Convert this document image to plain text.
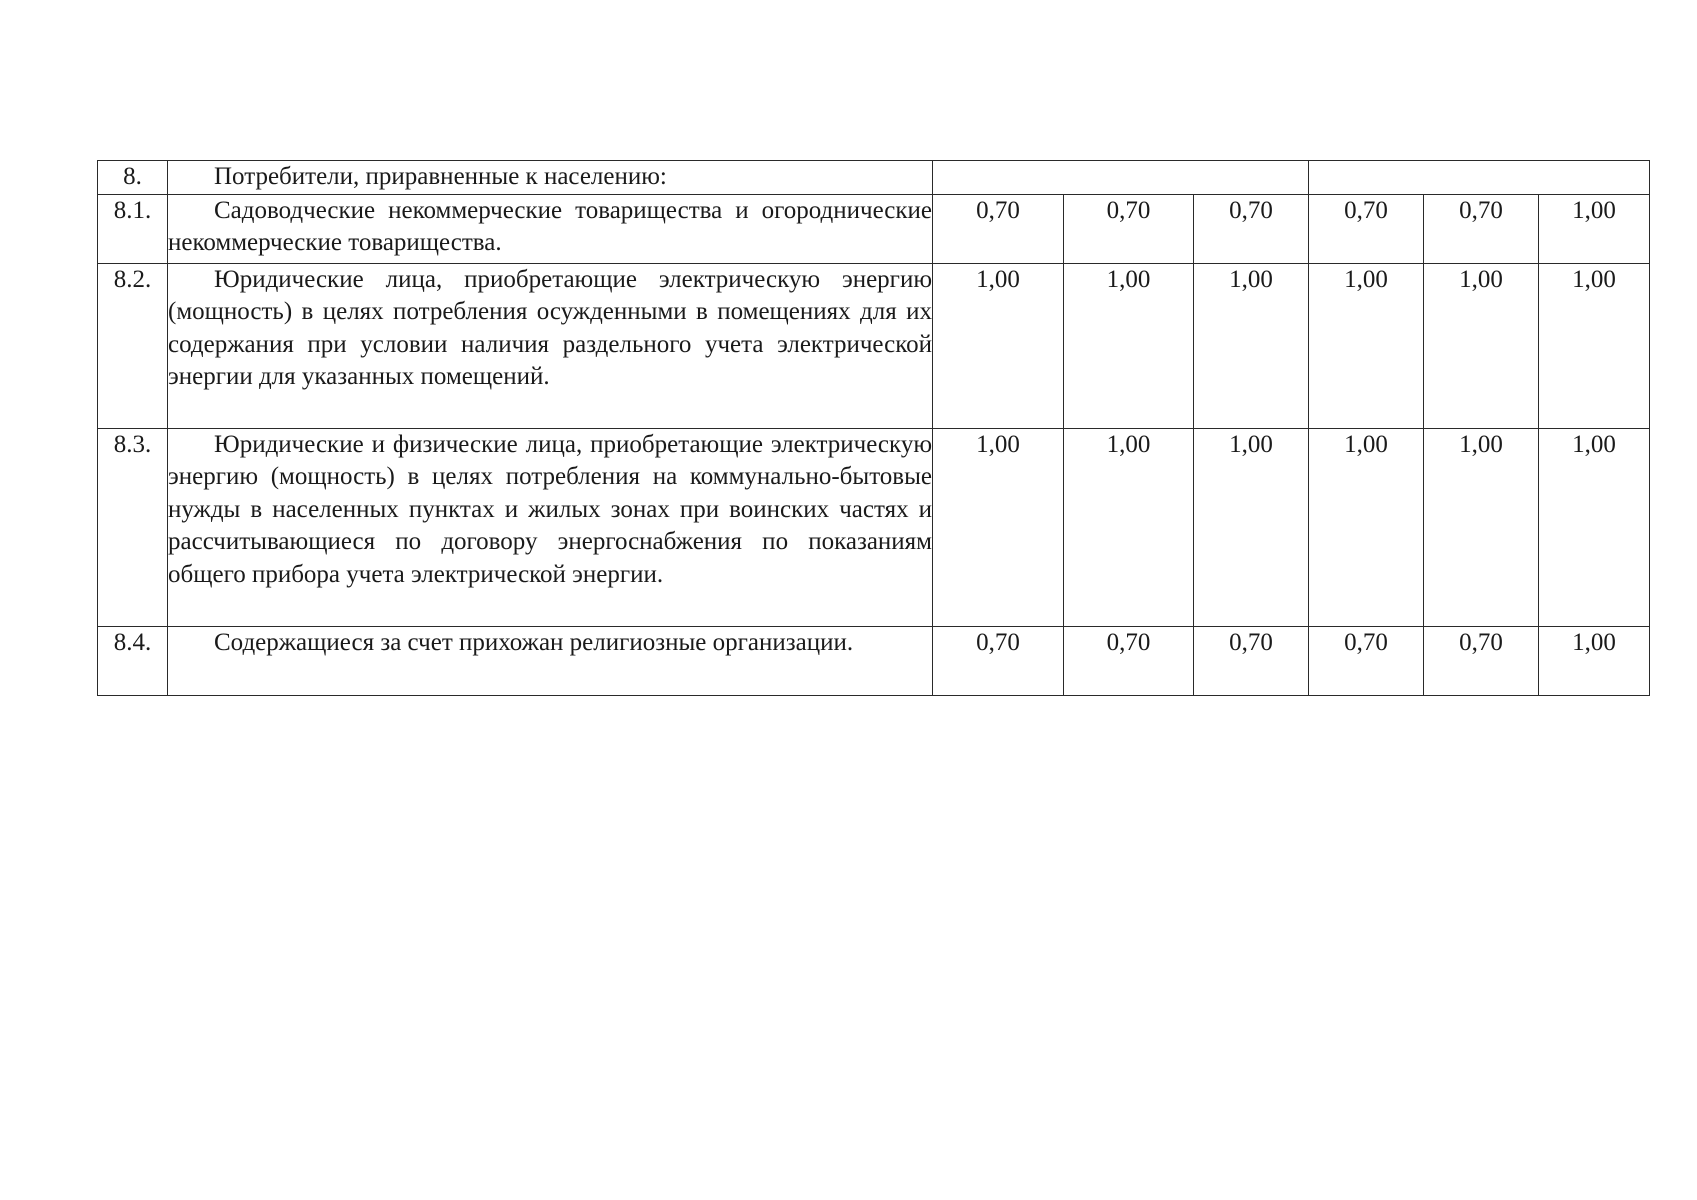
8.	Потребители, приравненные к населению:						
8.1.	Садоводческие некоммерческие товарищества и огороднические некоммерческие товарищества.	0,70	0,70	0,70	0,70	0,70	1,00
8.2.	Юридические лица, приобретающие электрическую энергию (мощность) в целях потребления осужденными в помещениях для их содержания при условии наличия раздельного учета электрической энергии для указанных помещений.	1,00	1,00	1,00	1,00	1,00	1,00
8.3.	Юридические и физические лица, приобретающие электрическую энергию (мощность) в целях потребления на коммунально-бытовые нужды в населенных пунктах и жилых зонах при воинских частях и рассчитывающиеся по договору энергоснабжения по показаниям общего прибора учета электрической энергии.	1,00	1,00	1,00	1,00	1,00	1,00
8.4.	Содержащиеся за счет прихожан религиозные организации.	0,70	0,70	0,70	0,70	0,70	1,00
